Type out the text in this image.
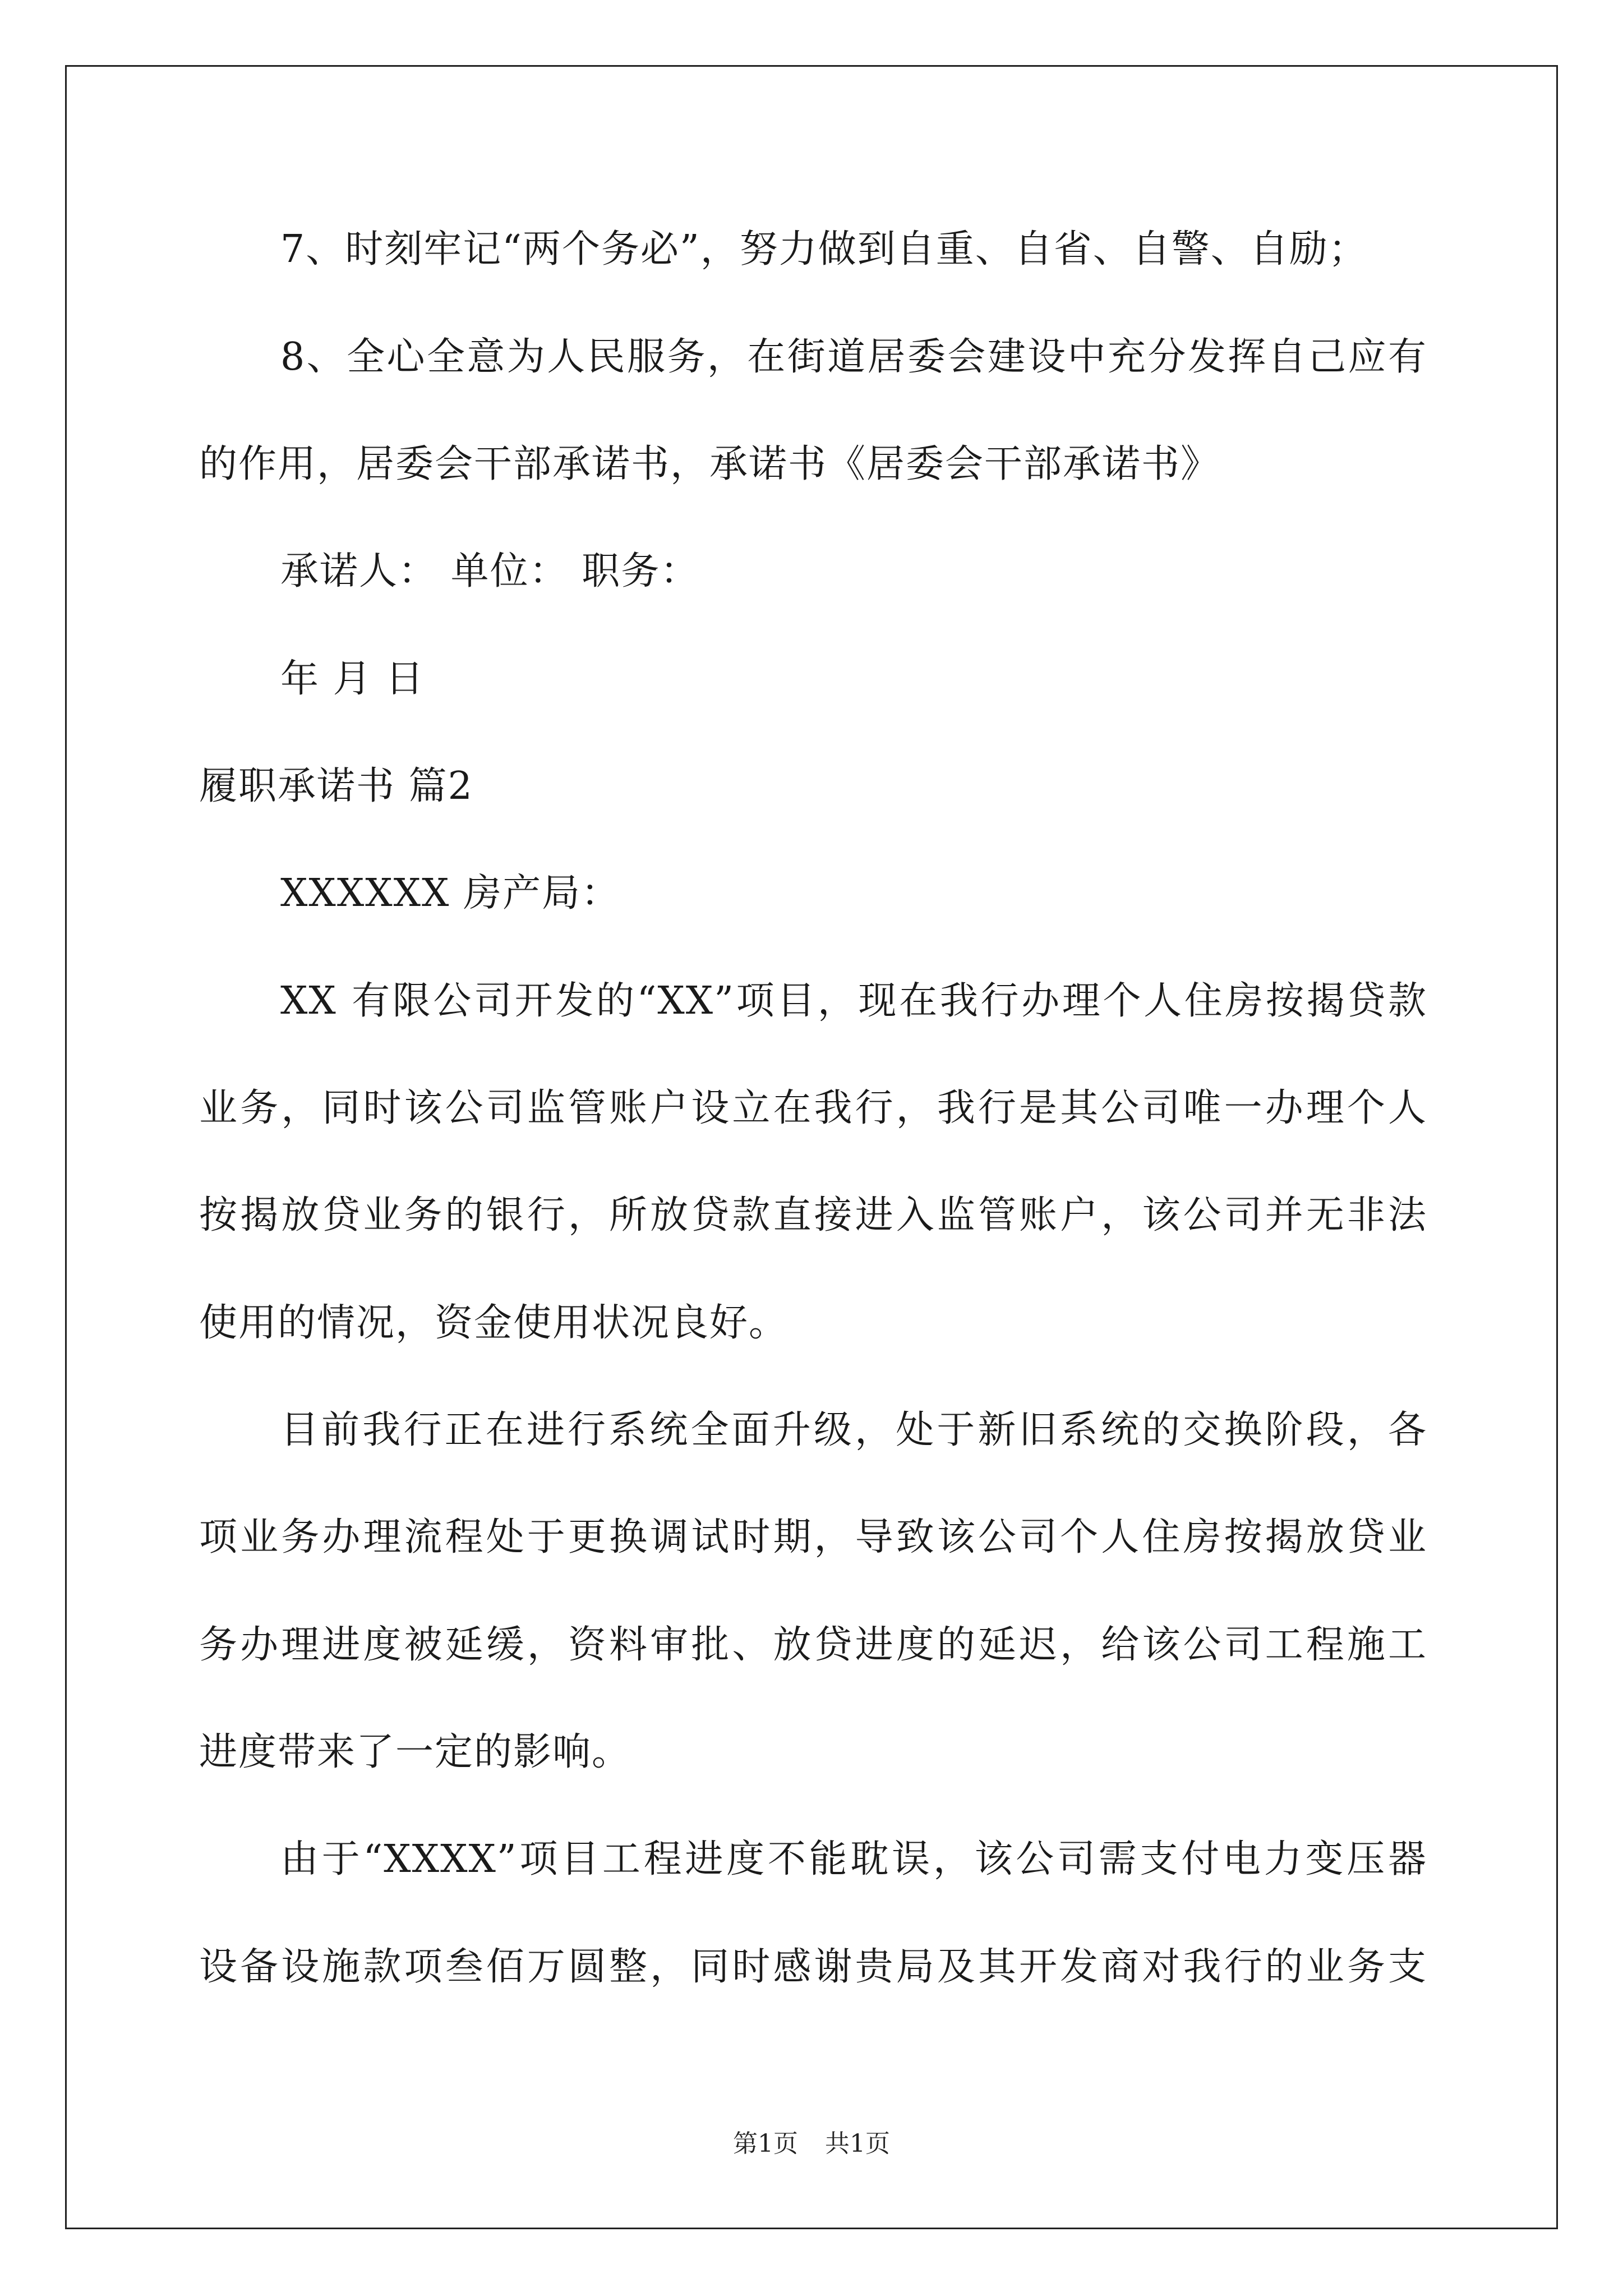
7、时刻牢记“两个务必”，努力做到自重、自省、自警、自励；
8、全心全意为人民服务，在街道居委会建设中充分发挥自己应有
的作用，居委会干部承诺书，承诺书《居委会干部承诺书》
承诺人： 单位： 职务：
年 月 日
履职承诺书 篇2
XXXXXX 房产局：
XX 有限公司开发的“XX”项目，现在我行办理个人住房按揭贷款
业务，同时该公司监管账户设立在我行，我行是其公司唯一办理个人
按揭放贷业务的银行，所放贷款直接进入监管账户，该公司并无非法
使用的情况，资金使用状况良好。
目前我行正在进行系统全面升级，处于新旧系统的交换阶段，各
项业务办理流程处于更换调试时期，导致该公司个人住房按揭放贷业
务办理进度被延缓，资料审批、放贷进度的延迟，给该公司工程施工
进度带来了一定的影响。
由于“XXXX”项目工程进度不能耽误，该公司需支付电力变压器
设备设施款项叁佰万圆整，同时感谢贵局及其开发商对我行的业务支
第1页 共1页
